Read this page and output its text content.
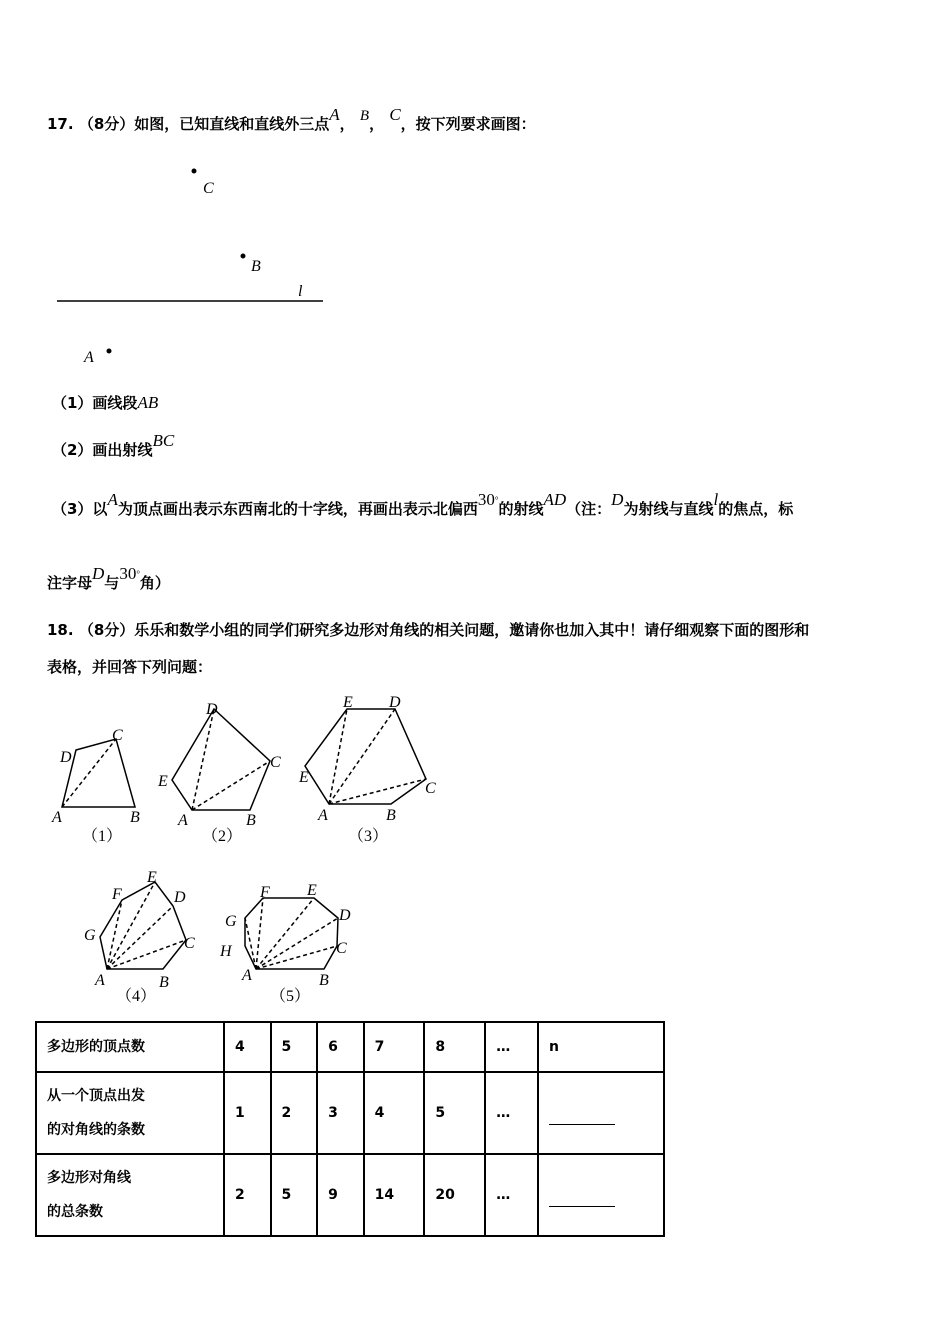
17. （8分）如图，已知直线和直线外三点A， B， C，按下列要求画图：
C
B
l
A
（1）画线段AB
（2）画出射线BC
（3）以A为顶点画出表示东西南北的十字线，再画出表示北偏西30°的射线AD（注：D为射线与直线l的焦点，标
注字母D与30°角）
18. （8分）乐乐和数学小组的同学们研究多边形对角线的相关问题，邀请你也加入其中！请仔细观察下面的图形和
表格，并回答下列问题：
A	B
C
D
A	B
C
D
E
A	B
C
D
E
E
A	B
C
D
E
F
G
A	B
C
D
E
F
G
H
（1）	（2）	（3）
（4）	（5）
多边形的顶点数	4	5	6	7	8	…	n

从一个顶点出发
的对角线的条数	1	2	3	4	5	…	

多边形对角线
的总条数	2	5	9	14	20	…	
